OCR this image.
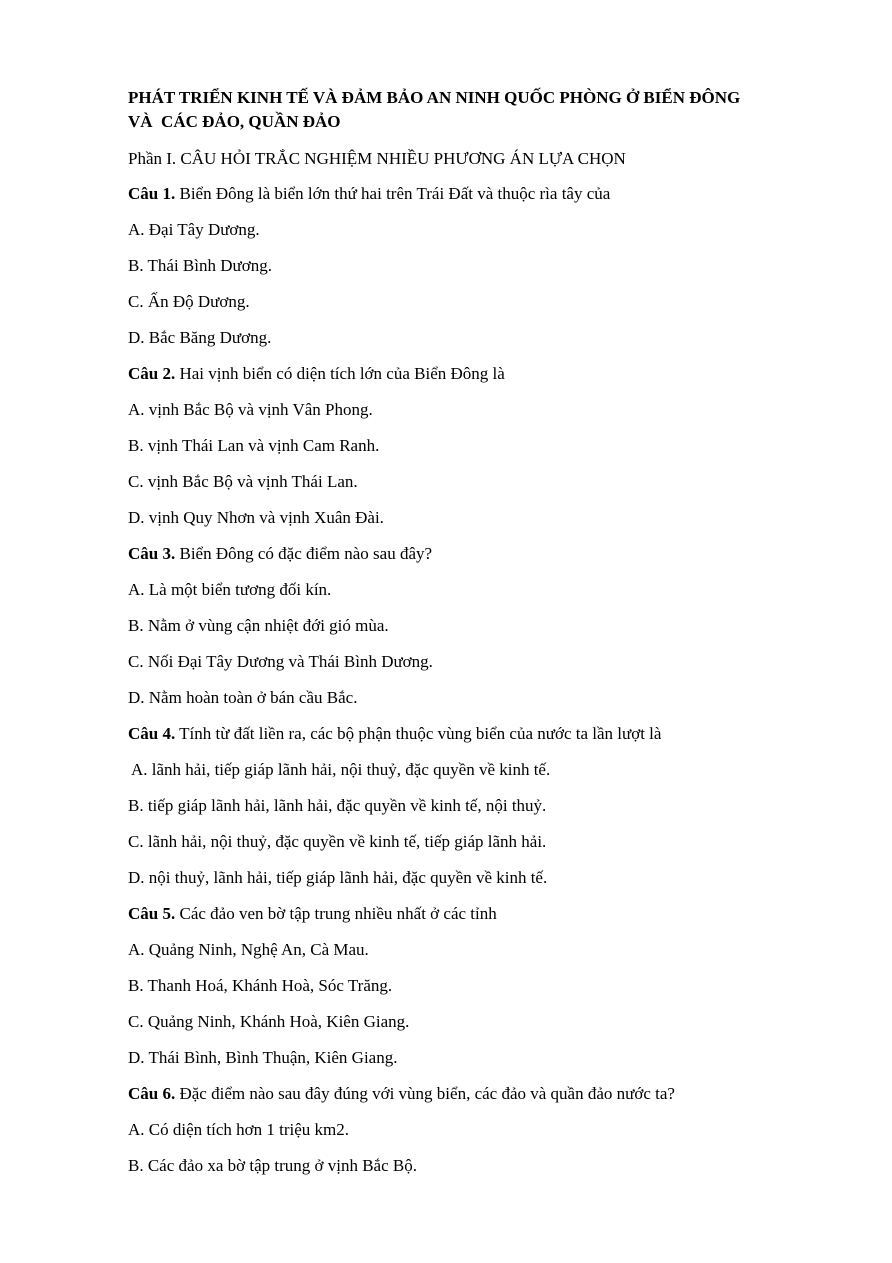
PHÁT TRIỂN KINH TẾ VÀ ĐẢM BẢO AN NINH QUỐC PHÒNG Ở BIỂN ĐÔNG
VÀ  CÁC ĐẢO, QUẦN ĐẢO
Phần I. CÂU HỎI TRẮC NGHIỆM NHIỀU PHƯƠNG ÁN LỰA CHỌN
Câu 1. Biển Đông là biển lớn thứ hai trên Trái Đất và thuộc rìa tây của
A. Đại Tây Dương.
B. Thái Bình Dương.
C. Ấn Độ Dương.
D. Bắc Băng Dương.
Câu 2. Hai vịnh biển có diện tích lớn của Biển Đông là
A. vịnh Bắc Bộ và vịnh Vân Phong.
B. vịnh Thái Lan và vịnh Cam Ranh.
C. vịnh Bắc Bộ và vịnh Thái Lan.
D. vịnh Quy Nhơn và vịnh Xuân Đài.
Câu 3. Biển Đông có đặc điểm nào sau đây?
A. Là một biển tương đối kín.
B. Nằm ở vùng cận nhiệt đới gió mùa.
C. Nối Đại Tây Dương và Thái Bình Dương.
D. Nằm hoàn toàn ở bán cầu Bắc.
Câu 4. Tính từ đất liền ra, các bộ phận thuộc vùng biển của nước ta lần lượt là
A. lãnh hải, tiếp giáp lãnh hải, nội thuỷ, đặc quyền về kinh tế.
B. tiếp giáp lãnh hải, lãnh hải, đặc quyền về kinh tế, nội thuỷ.
C. lãnh hải, nội thuỷ, đặc quyền về kinh tế, tiếp giáp lãnh hải.
D. nội thuỷ, lãnh hải, tiếp giáp lãnh hải, đặc quyền về kinh tế.
Câu 5. Các đảo ven bờ tập trung nhiều nhất ở các tỉnh
A. Quảng Ninh, Nghệ An, Cà Mau.
B. Thanh Hoá, Khánh Hoà, Sóc Trăng.
C. Quảng Ninh, Khánh Hoà, Kiên Giang.
D. Thái Bình, Bình Thuận, Kiên Giang.
Câu 6. Đặc điểm nào sau đây đúng với vùng biển, các đảo và quần đảo nước ta?
A. Có diện tích hơn 1 triệu km2.
B. Các đảo xa bờ tập trung ở vịnh Bắc Bộ.
